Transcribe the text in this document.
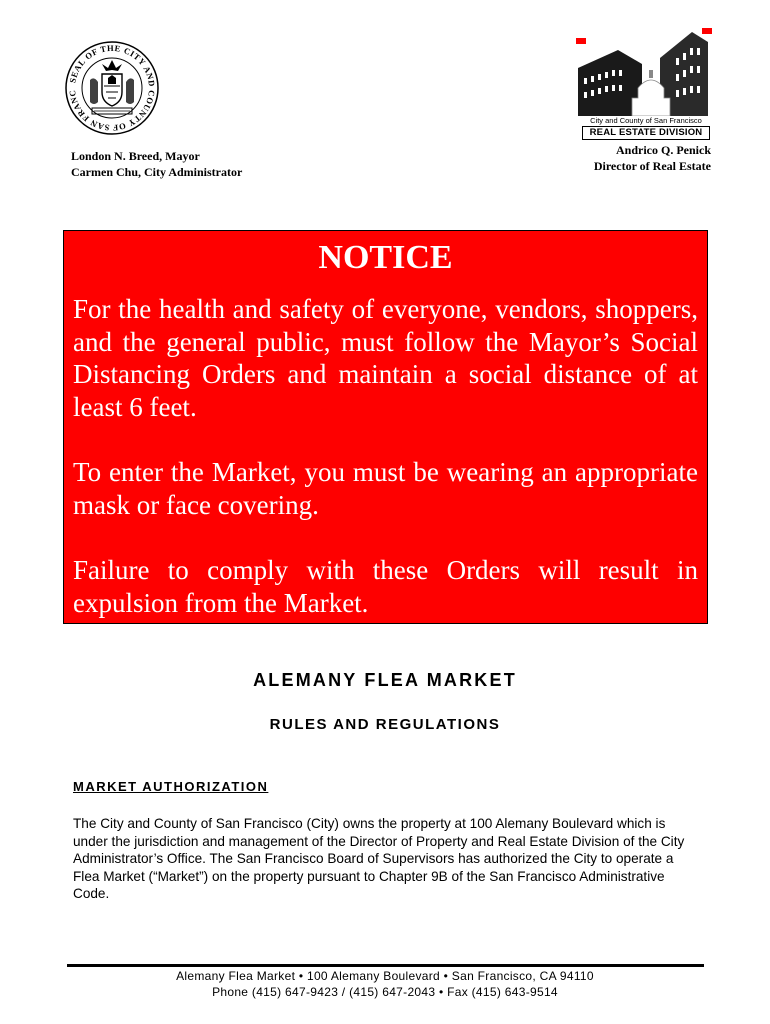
SEAL OF THE CITY AND COUNTY OF SAN FRANC
City and County of San Francisco
REAL ESTATE DIVISION
London N. Breed, Mayor
Carmen Chu, City Administrator
Andrico Q. Penick
Director of Real Estate
NOTICE

For the health and safety of everyone, vendors, shoppers, and the general public, must follow the Mayor’s Social Distancing Orders and maintain a social distance of at least 6 feet.

To enter the Market, you must be wearing an appropriate mask or face covering.

Failure to comply with these Orders will result in expulsion from the Market.

ALEMANY FLEA MARKET
RULES AND REGULATIONS
MARKET AUTHORIZATION

The City and County of San Francisco (City) owns the property at 100 Alemany Boulevard which is under the jurisdiction and management of the Director of Property and Real Estate Division of the City Administrator’s Office. The San Francisco Board of Supervisors has authorized the City to operate a Flea Market (“Market”) on the property pursuant to Chapter 9B of the San Francisco Administrative Code.

Alemany Flea Market • 100 Alemany Boulevard • San Francisco, CA 94110
Phone (415) 647-9423 / (415) 647-2043 • Fax (415) 643-9514
